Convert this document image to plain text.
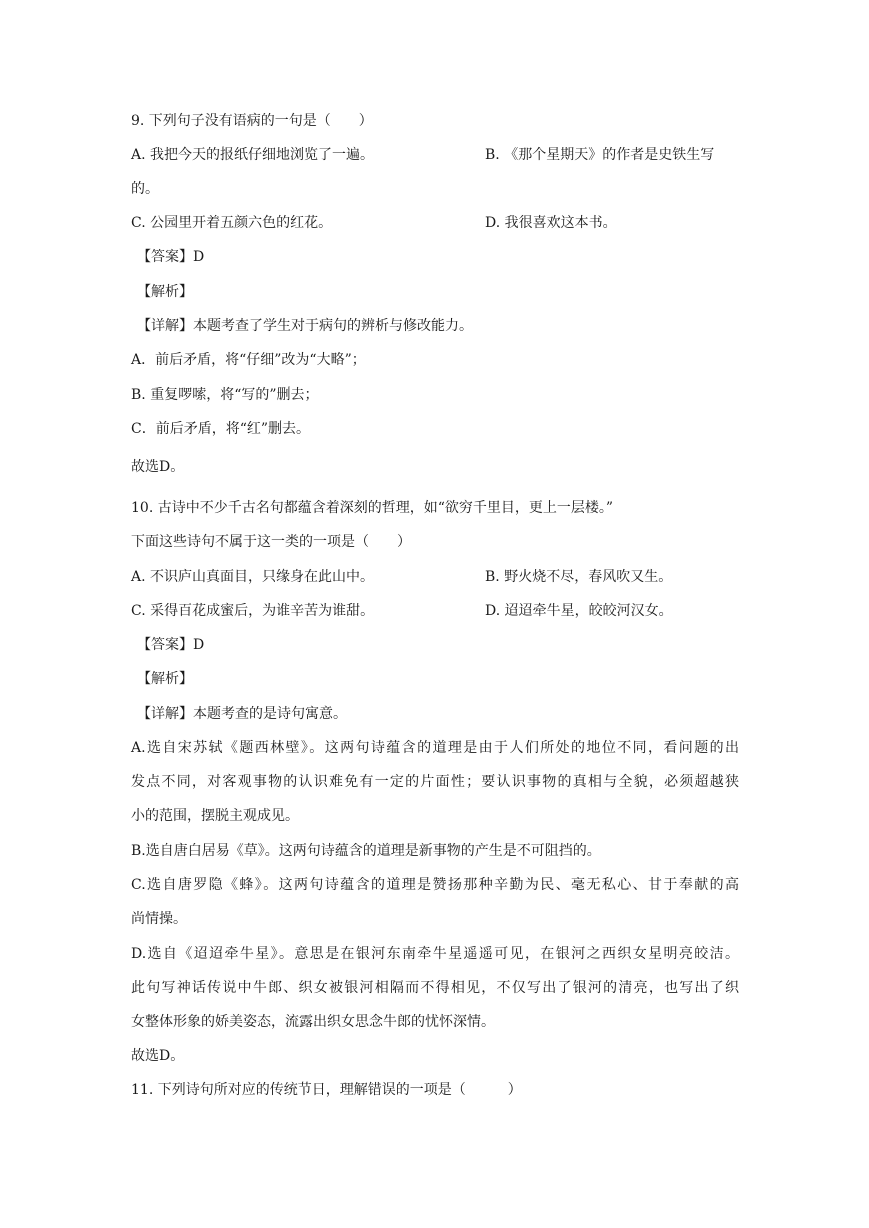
9. 下列句子没有语病的一句是（　　）
A. 我把今天的报纸仔细地浏览了一遍。	B. 《那个星期天》的作者是史铁生写
的。
C. 公园里开着五颜六色的红花。	D. 我很喜欢这本书。
【答案】D
【解析】
【详解】本题考查了学生对于病句的辨析与修改能力。
A．前后矛盾，将“仔细”改为“大略”；
B. 重复啰嗦，将“写的”删去；
C．前后矛盾，将“红”删去。
故选D。
10. 古诗中不少千古名句都蕴含着深刻的哲理，如“欲穷千里目，更上一层楼。”
下面这些诗句不属于这一类的一项是（　　）
A. 不识庐山真面目，只缘身在此山中。	B. 野火烧不尽，春风吹又生。
C. 采得百花成蜜后，为谁辛苦为谁甜。	D. 迢迢牵牛星，皎皎河汉女。
【答案】D
【解析】
【详解】本题考查的是诗句寓意。
A.选自宋苏轼《题西林壁》。这两句诗蕴含的道理是由于人们所处的地位不同，看问题的出
发点不同，对客观事物的认识难免有一定的片面性；要认识事物的真相与全貌，必须超越狭
小的范围，摆脱主观成见。
B.选自唐白居易《草》。这两句诗蕴含的道理是新事物的产生是不可阻挡的。
C.选自唐罗隐《蜂》。这两句诗蕴含的道理是赞扬那种辛勤为民、毫无私心、甘于奉献的高
尚情操。
D.选自《迢迢牵牛星》。意思是在银河东南牵牛星遥遥可见，在银河之西织女星明亮皎洁。
此句写神话传说中牛郎、织女被银河相隔而不得相见，不仅写出了银河的清亮，也写出了织
女整体形象的娇美姿态，流露出织女思念牛郎的忧怀深情。
故选D。
11. 下列诗句所对应的传统节日，理解错误的一项是（　　　）
